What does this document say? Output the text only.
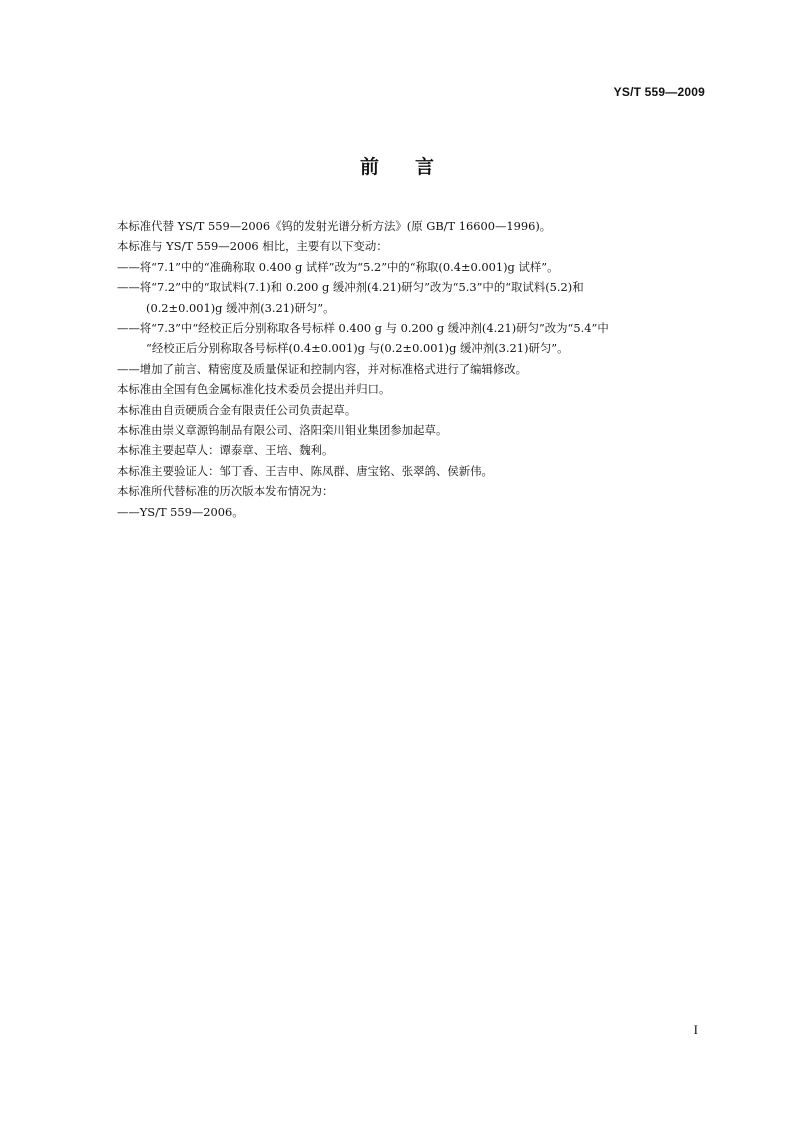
YS/T 559—2009
前言
本标准代替 YS/T 559—2006《钨的发射光谱分析方法》(原 GB/T 16600—1996)。
本标准与 YS/T 559—2006 相比，主要有以下变动：
——将“7.1”中的“准确称取 0.400 g 试样”改为“5.2”中的“称取(0.4±0.001)g 试样”。
——将“7.2”中的“取试料(7.1)和 0.200 g 缓冲剂(4.21)研匀”改为“5.3”中的“取试料(5.2)和
(0.2±0.001)g 缓冲剂(3.21)研匀”。
——将“7.3”中“经校正后分别称取各号标样 0.400 g 与 0.200 g 缓冲剂(4.21)研匀”改为“5.4”中
“经校正后分别称取各号标样(0.4±0.001)g 与(0.2±0.001)g 缓冲剂(3.21)研匀”。
——增加了前言、精密度及质量保证和控制内容，并对标准格式进行了编辑修改。
本标准由全国有色金属标准化技术委员会提出并归口。
本标准由自贡硬质合金有限责任公司负责起草。
本标准由崇义章源钨制品有限公司、洛阳栾川钼业集团参加起草。
本标准主要起草人：谭泰章、王培、魏利。
本标准主要验证人：邹丁香、王吉申、陈凤群、唐宝铭、张翠鸽、侯新伟。
本标准所代替标准的历次版本发布情况为：
——YS/T 559—2006。
I
